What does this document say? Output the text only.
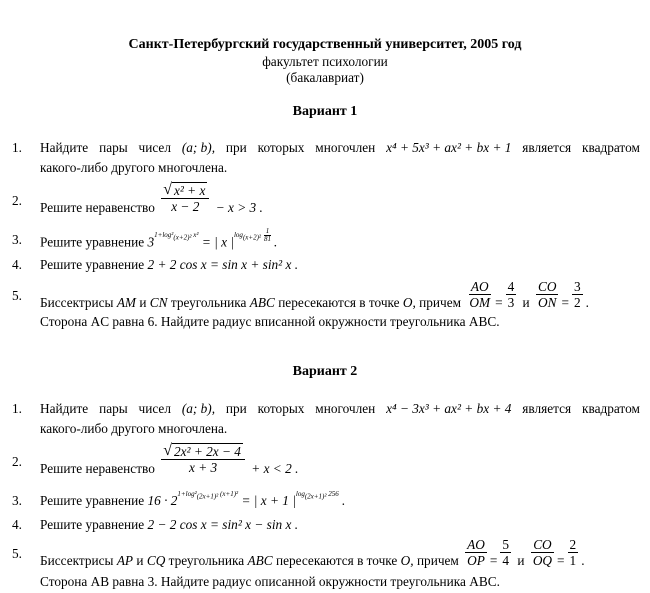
Санкт-Петербургский государственный университет, 2005 год
факультет психологии
(бакалавриат)
Вариант 1
1. Найдите пары чисел (a; b), при которых многочлен x⁴ + 5x³ + ax² + bx + 1 является квадратом
какого-либо другого многочлена.
2. Решите неравенство $\frac{\text{√ x² + x}}{x - 2} - x > 3$ .
3. Решите уравнение $3^{1+log^2(x+2)^2 x^2}$ = | x $|^{log(x+2)^2 \frac{1}{81}}$ .
4. Решите уравнение 2 + 2 cos x = sin x + sin² x .
5. Биссектрисы AM и CN треугольника ABC пересекаются в точке O, причем $\frac{AO}{OM} = \frac{4}{3}$ и $\frac{CO}{ON} = \frac{3}{2}$ .
Сторона AC равна 6. Найдите радиус вписанной окружности треугольника ABC.
Вариант 2
1. Найдите пары чисел (a; b), при которых многочлен x⁴ − 3x³ + ax² + bx + 4 является квадратом
какого-либо другого многочлена.
2. Решите неравенство $\frac{\text{√ 2x² + 2x − 4}}{x + 3} + x < 2$ .
3. Решите уравнение $16 \cdot 2^{1+log^2(2x+1)^2 (x+1)^2}$ = | x + 1 $|^{log(2x+1)^2 256}$ .
4. Решите уравнение 2 − 2 cos x = sin² x − sin x .
5. Биссектрисы AP и CQ треугольника ABC пересекаются в точке O, причем $\frac{AO}{OP} = \frac{5}{4}$ и $\frac{CO}{OQ} = \frac{2}{1}$ .
Сторона AB равна 3. Найдите радиус описанной окружности треугольника ABC.
